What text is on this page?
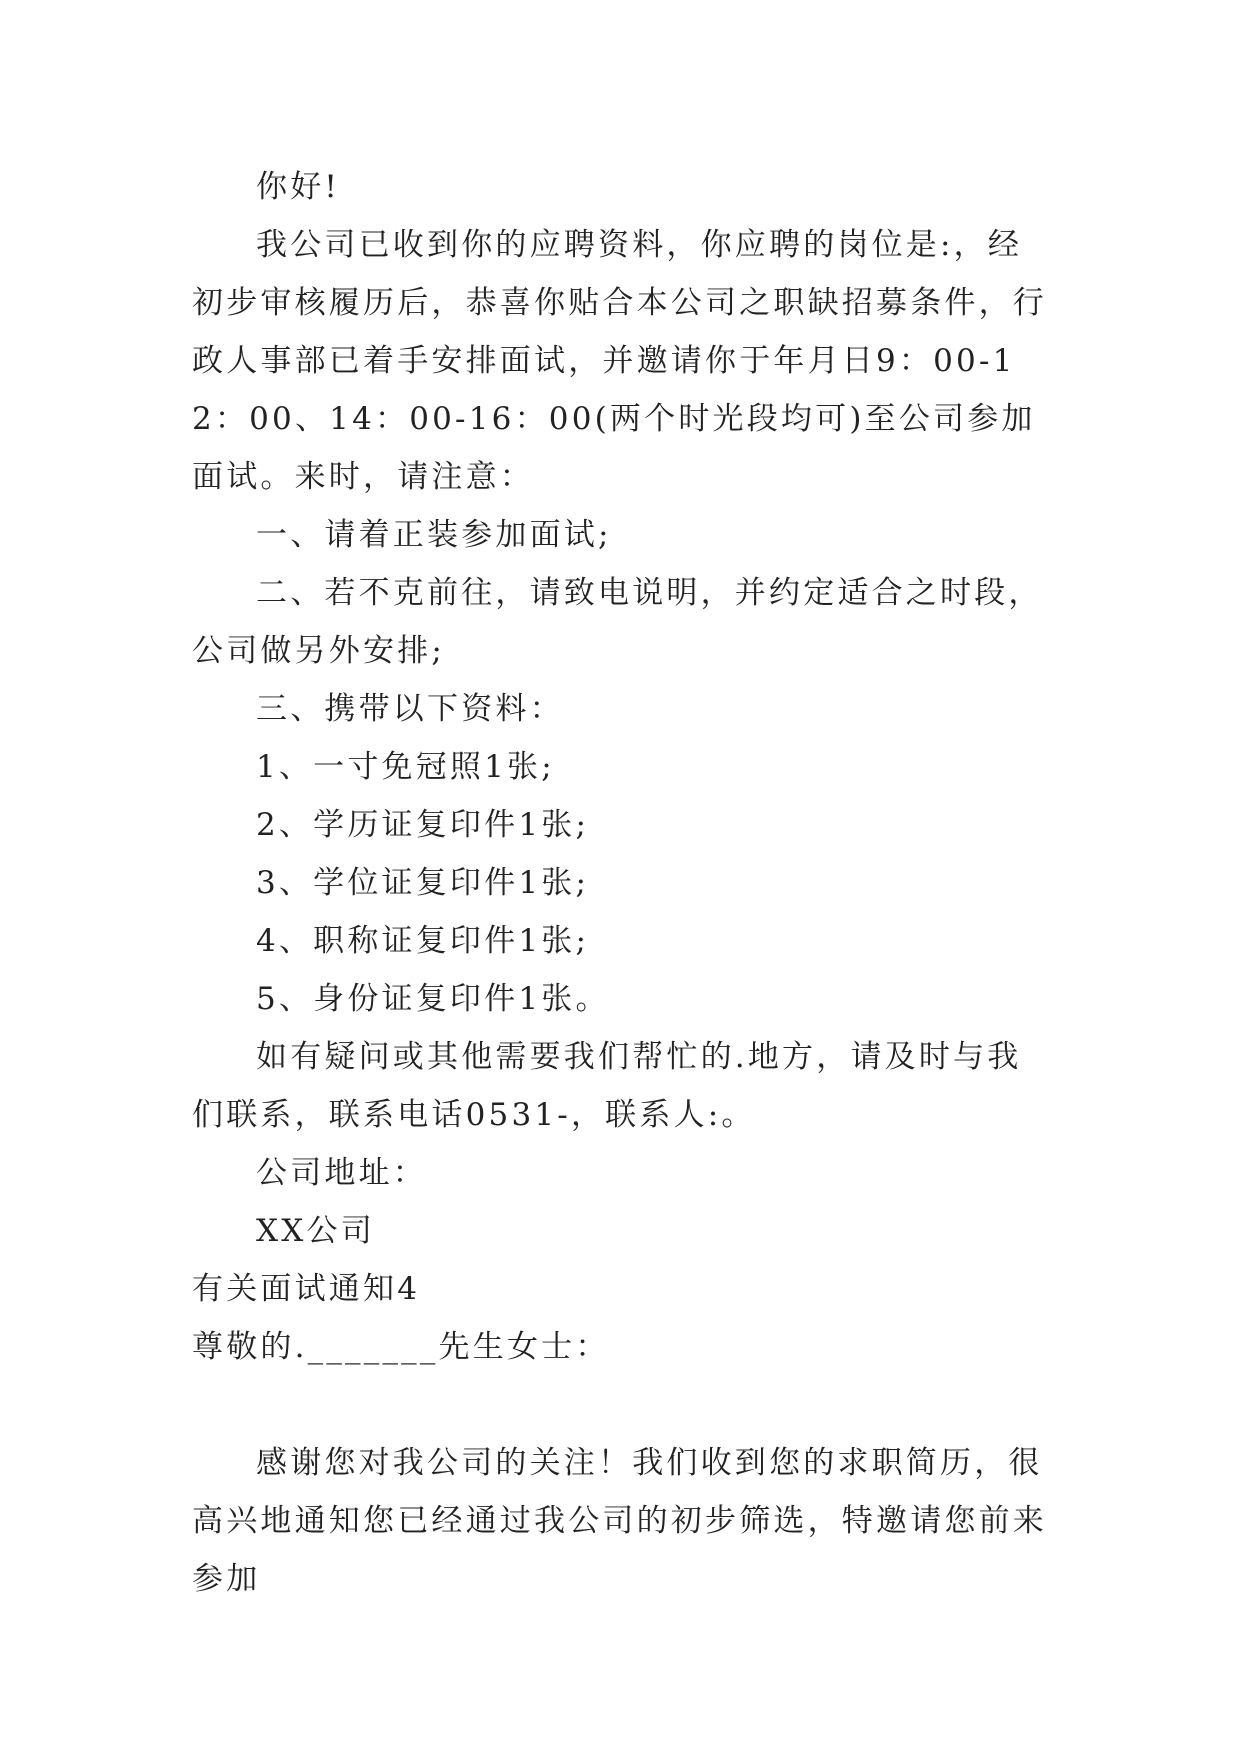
你好!

我公司已收到你的应聘资料，你应聘的岗位是:，经初步审核履历后，恭喜你贴合本公司之职缺招募条件，行政人事部已着手安排面试，并邀请你于年月日9：00-12：00、14：00-16：00(两个时光段均可)至公司参加面试。来时，请注意：

一、请着正装参加面试;

二、若不克前往，请致电说明，并约定适合之时段，公司做另外安排;

三、携带以下资料：

1、一寸免冠照1张;

2、学历证复印件1张;

3、学位证复印件1张;

4、职称证复印件1张;

5、身份证复印件1张。

如有疑问或其他需要我们帮忙的.地方，请及时与我们联系，联系电话0531-，联系人:。

公司地址：

XX公司

有关面试通知4

尊敬的._______先生女士：

感谢您对我公司的关注！我们收到您的求职简历，很高兴地通知您已经通过我公司的初步筛选，特邀请您前来参加
